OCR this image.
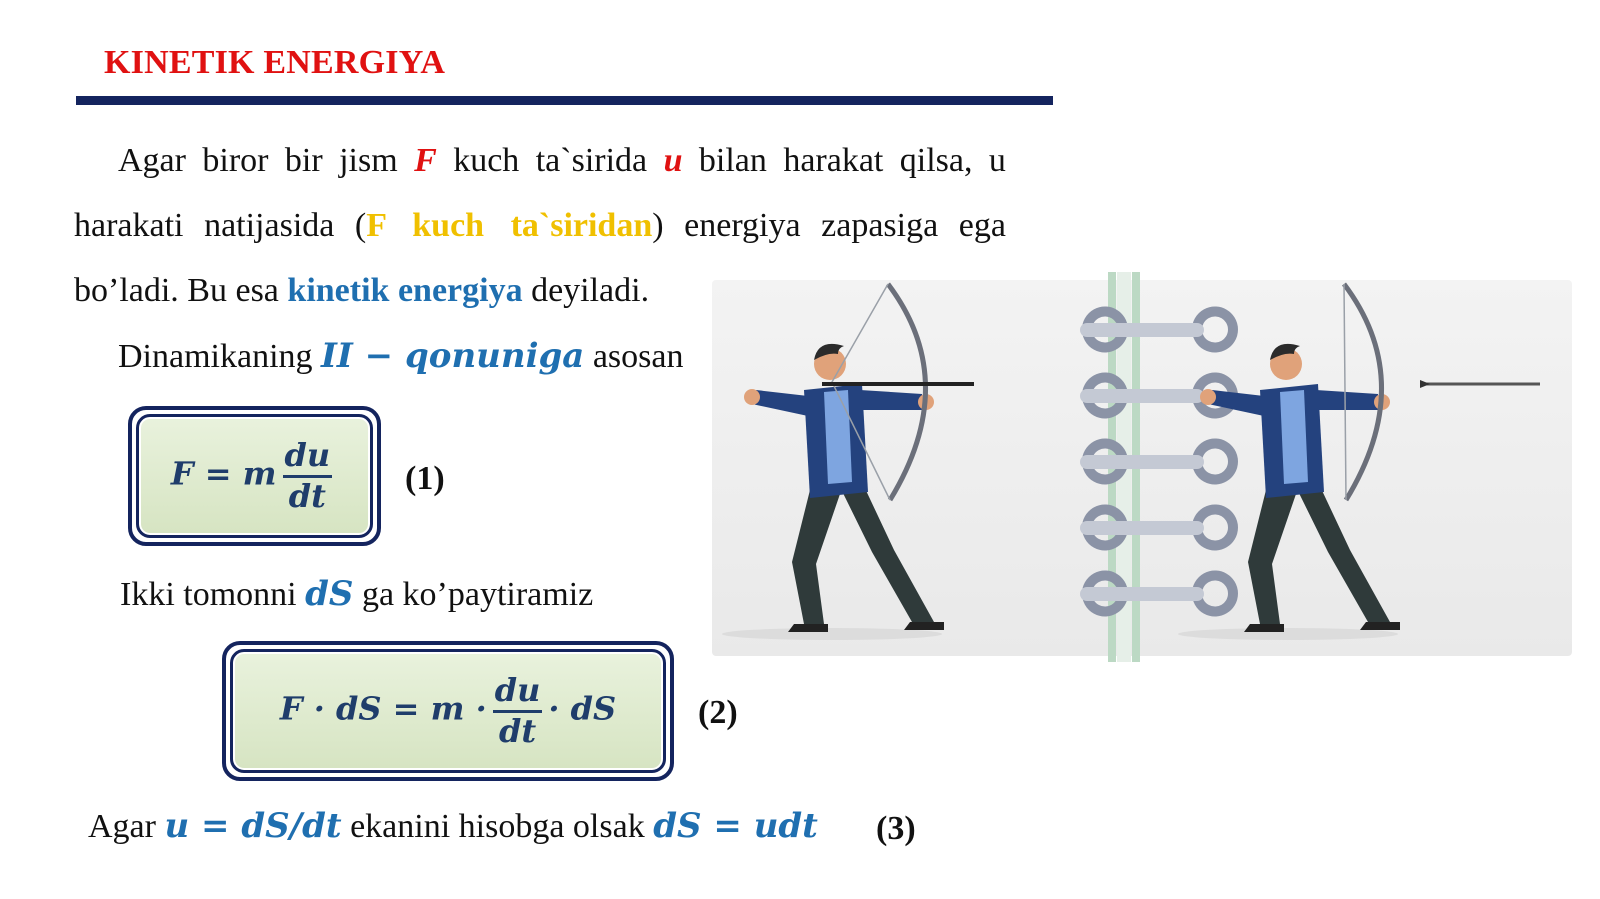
KINETIK ENERGIYA
Agar biror bir jism F kuch ta`sirida u bilan harakat qilsa, u
harakati natijasida (F kuch ta`siridan) energiya zapasiga ega
bo’ladi. Bu esa kinetik energiya deyiladi.
Dinamikaning II − qonuniga asosan
F = m $\frac{du}{dt} (1)$
Ikki tomonni dS ga ko’paytiramiz
F · dS = $m \cdot \frac{du}{dt}$ · dS (2)
Agar u = dS/dt ekanini hisobga olsak dS = udt (3)
